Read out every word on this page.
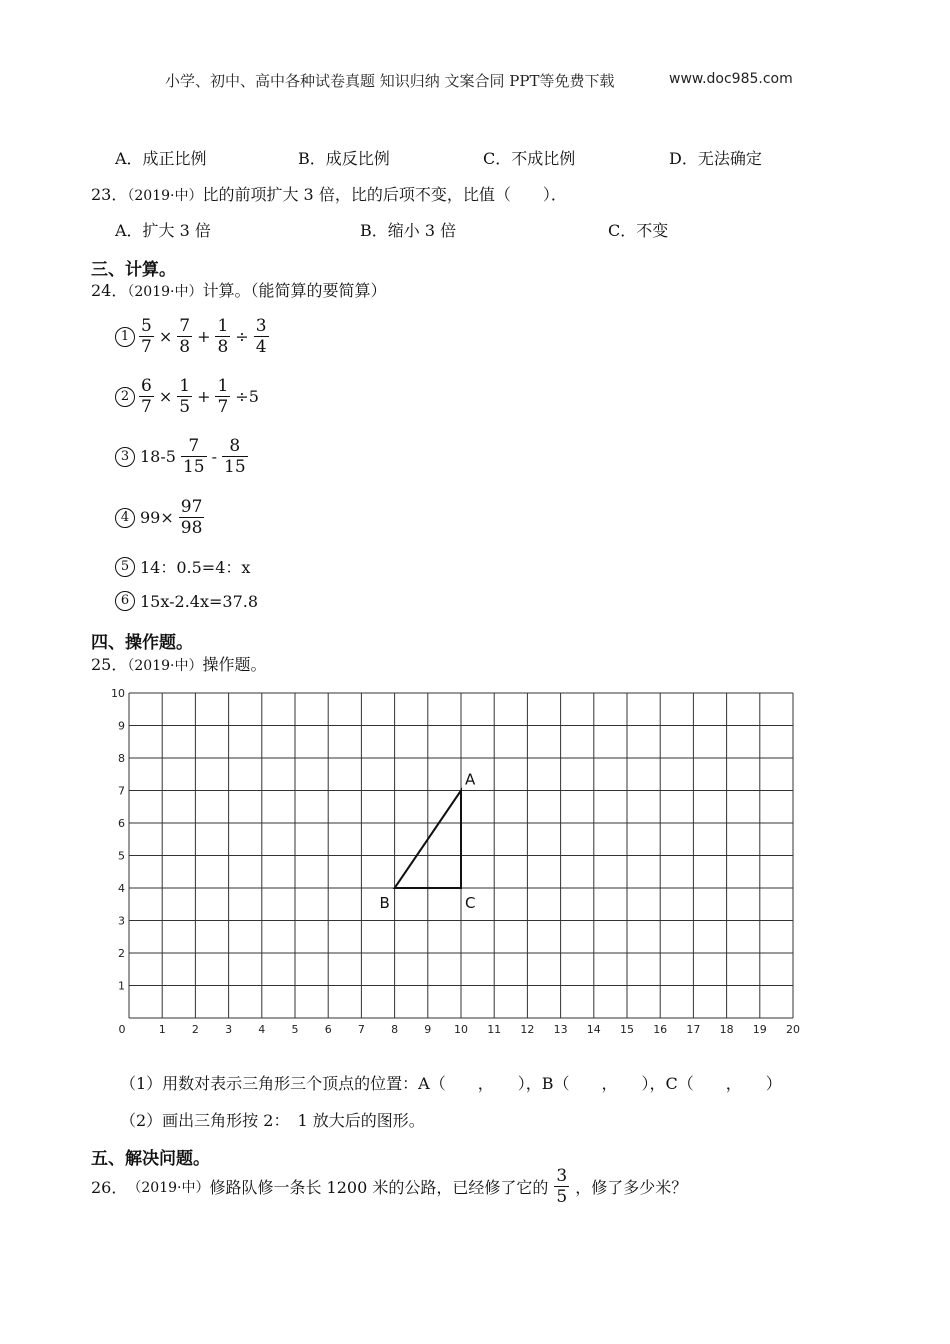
小学、初中、高中各种试卷真题 知识归纳 文案合同 PPT等免费下载	www.doc985.com
A．成正比例	B．成反比例	C．不成比例	D．无法确定
23．（2019·中）比的前项扩大 3 倍，比的后项不变，比值（　　）．
A．扩大 3 倍	B．缩小 3 倍	C．不变
三、计算。
24．（2019·中）计算。（能简算的要简算）
$1 \frac{5}{7} \times \frac{7}{8} + \frac{1}{8} \div \frac{3}{4}$
$2 \frac{6}{7} \times \frac{1}{5} + \frac{1}{7} \div 5$
3 $18-5 \frac{7}{15} - \frac{8}{15}$
4 $99\times \frac{97}{98}$
5 14：0.5=4：x
6 15x-2.4x=37.8
四、操作题。
25．（2019·中）操作题。
0	1 2 3 4 5 6 7 8 9 10 11 12 13 14 15 16 17 18 19 20
1
2
3
4
5
6
7
8
9
10
A
B	C
（1）用数对表示三角形三个顶点的位置：A（　　，　　），B（　　，　　），C（　　，　　）
（2）画出三角形按 2：　1 放大后的图形。
五、解决问题。
26． （2019·中） 修路队修一条长 1200 米的公路，已经修了它的 $\frac{3}{5}$ ，修了多少米？
